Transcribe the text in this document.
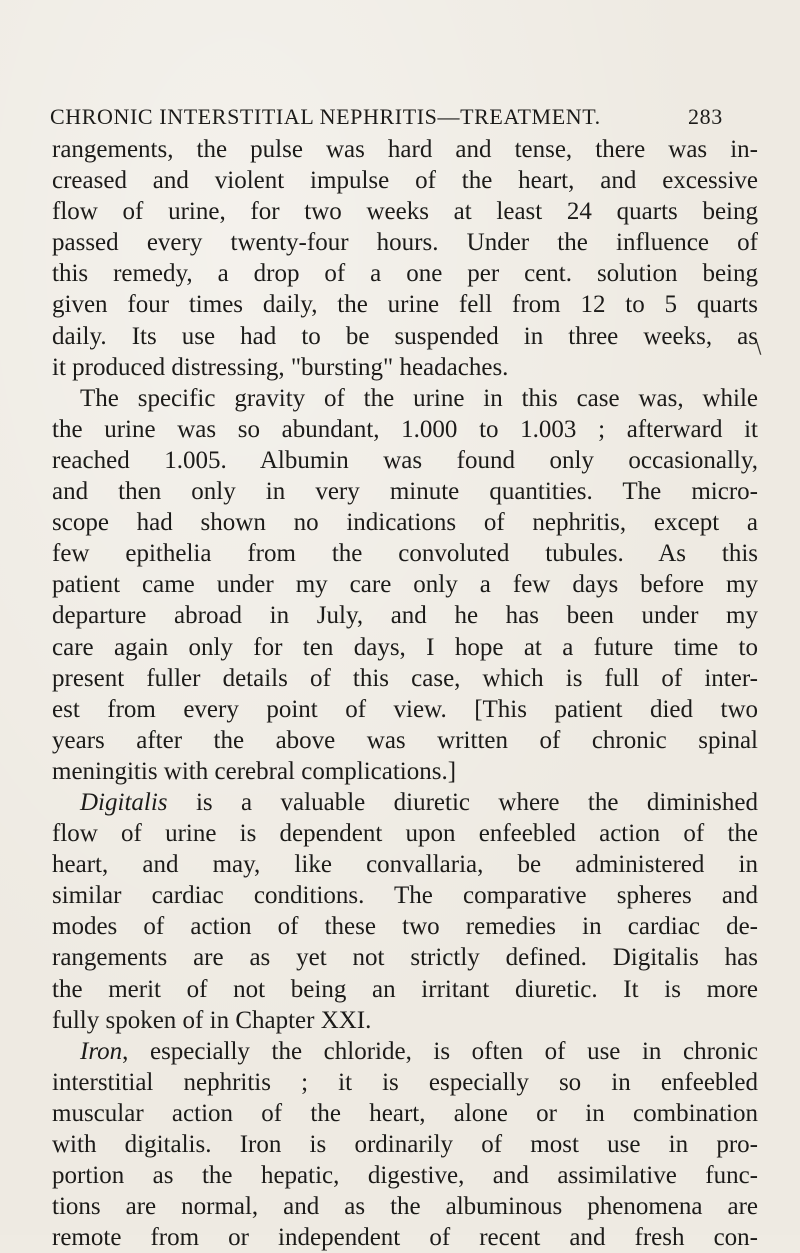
CHRONIC INTERSTITIAL NEPHRITIS—TREATMENT.	283
\
rangements, the pulse was hard and tense, there was in-
creased and violent impulse of the heart, and excessive
flow of urine, for two weeks at least 24 quarts being
passed every twenty-four hours. Under the influence of
this remedy, a drop of a one per cent. solution being
given four times daily, the urine fell from 12 to 5 quarts
daily. Its use had to be suspended in three weeks, as
it produced distressing, "bursting" headaches.
The specific gravity of the urine in this case was, while
the urine was so abundant, 1.000 to 1.003 ; afterward it
reached 1.005. Albumin was found only occasionally,
and then only in very minute quantities. The micro-
scope had shown no indications of nephritis, except a
few epithelia from the convoluted tubules. As this
patient came under my care only a few days before my
departure abroad in July, and he has been under my
care again only for ten days, I hope at a future time to
present fuller details of this case, which is full of inter-
est from every point of view. [This patient died two
years after the above was written of chronic spinal
meningitis with cerebral complications.]
Digitalis is a valuable diuretic where the diminished
flow of urine is dependent upon enfeebled action of the
heart, and may, like convallaria, be administered in
similar cardiac conditions. The comparative spheres and
modes of action of these two remedies in cardiac de-
rangements are as yet not strictly defined. Digitalis has
the merit of not being an irritant diuretic. It is more
fully spoken of in Chapter XXI.
Iron, especially the chloride, is often of use in chronic
interstitial nephritis ; it is especially so in enfeebled
muscular action of the heart, alone or in combination
with digitalis. Iron is ordinarily of most use in pro-
portion as the hepatic, digestive, and assimilative func-
tions are normal, and as the albuminous phenomena are
remote from or independent of recent and fresh con-
